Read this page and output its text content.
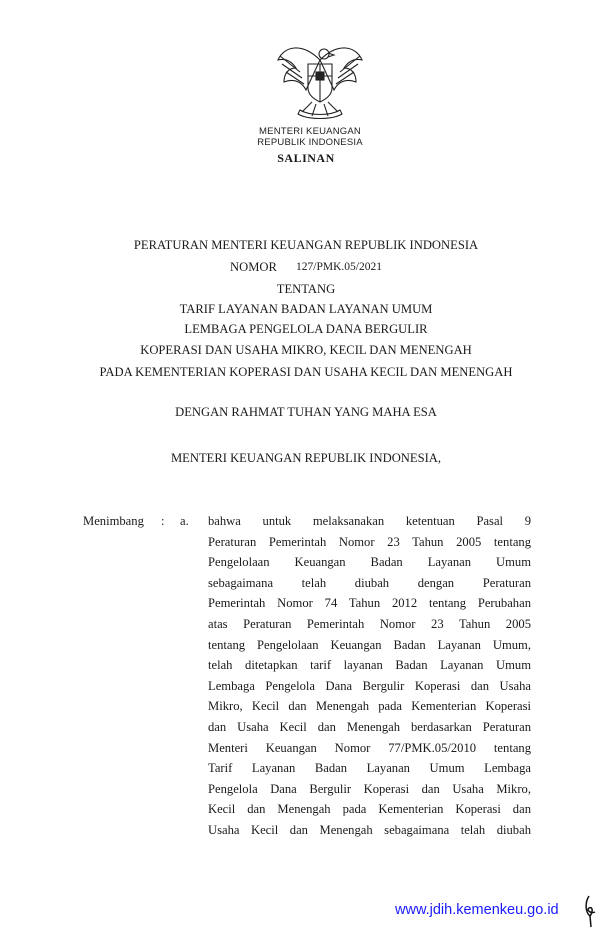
MENTERI KEUANGAN
REPUBLIK INDONESIA
SALINAN
PERATURAN MENTERI KEUANGAN REPUBLIK INDONESIA
NOMOR 127/PMK.05/2021
TENTANG
TARIF LAYANAN BADAN LAYANAN UMUM
LEMBAGA PENGELOLA DANA BERGULIR
KOPERASI DAN USAHA MIKRO, KECIL DAN MENENGAH
PADA KEMENTERIAN KOPERASI DAN USAHA KECIL DAN MENENGAH
DENGAN RAHMAT TUHAN YANG MAHA ESA
MENTERI KEUANGAN REPUBLIK INDONESIA,
Menimbang : a. bahwa untuk melaksanakan ketentuan Pasal 9
Peraturan Pemerintah Nomor 23 Tahun 2005 tentang
Pengelolaan Keuangan Badan Layanan Umum
sebagaimana telah diubah dengan Peraturan
Pemerintah Nomor 74 Tahun 2012 tentang Perubahan
atas Peraturan Pemerintah Nomor 23 Tahun 2005
tentang Pengelolaan Keuangan Badan Layanan Umum,
telah ditetapkan tarif layanan Badan Layanan Umum
Lembaga Pengelola Dana Bergulir Koperasi dan Usaha
Mikro, Kecil dan Menengah pada Kementerian Koperasi
dan Usaha Kecil dan Menengah berdasarkan Peraturan
Menteri Keuangan Nomor 77/PMK.05/2010 tentang
Tarif Layanan Badan Layanan Umum Lembaga
Pengelola Dana Bergulir Koperasi dan Usaha Mikro,
Kecil dan Menengah pada Kementerian Koperasi dan
Usaha Kecil dan Menengah sebagaimana telah diubah
www.jdih.kemenkeu.go.id
